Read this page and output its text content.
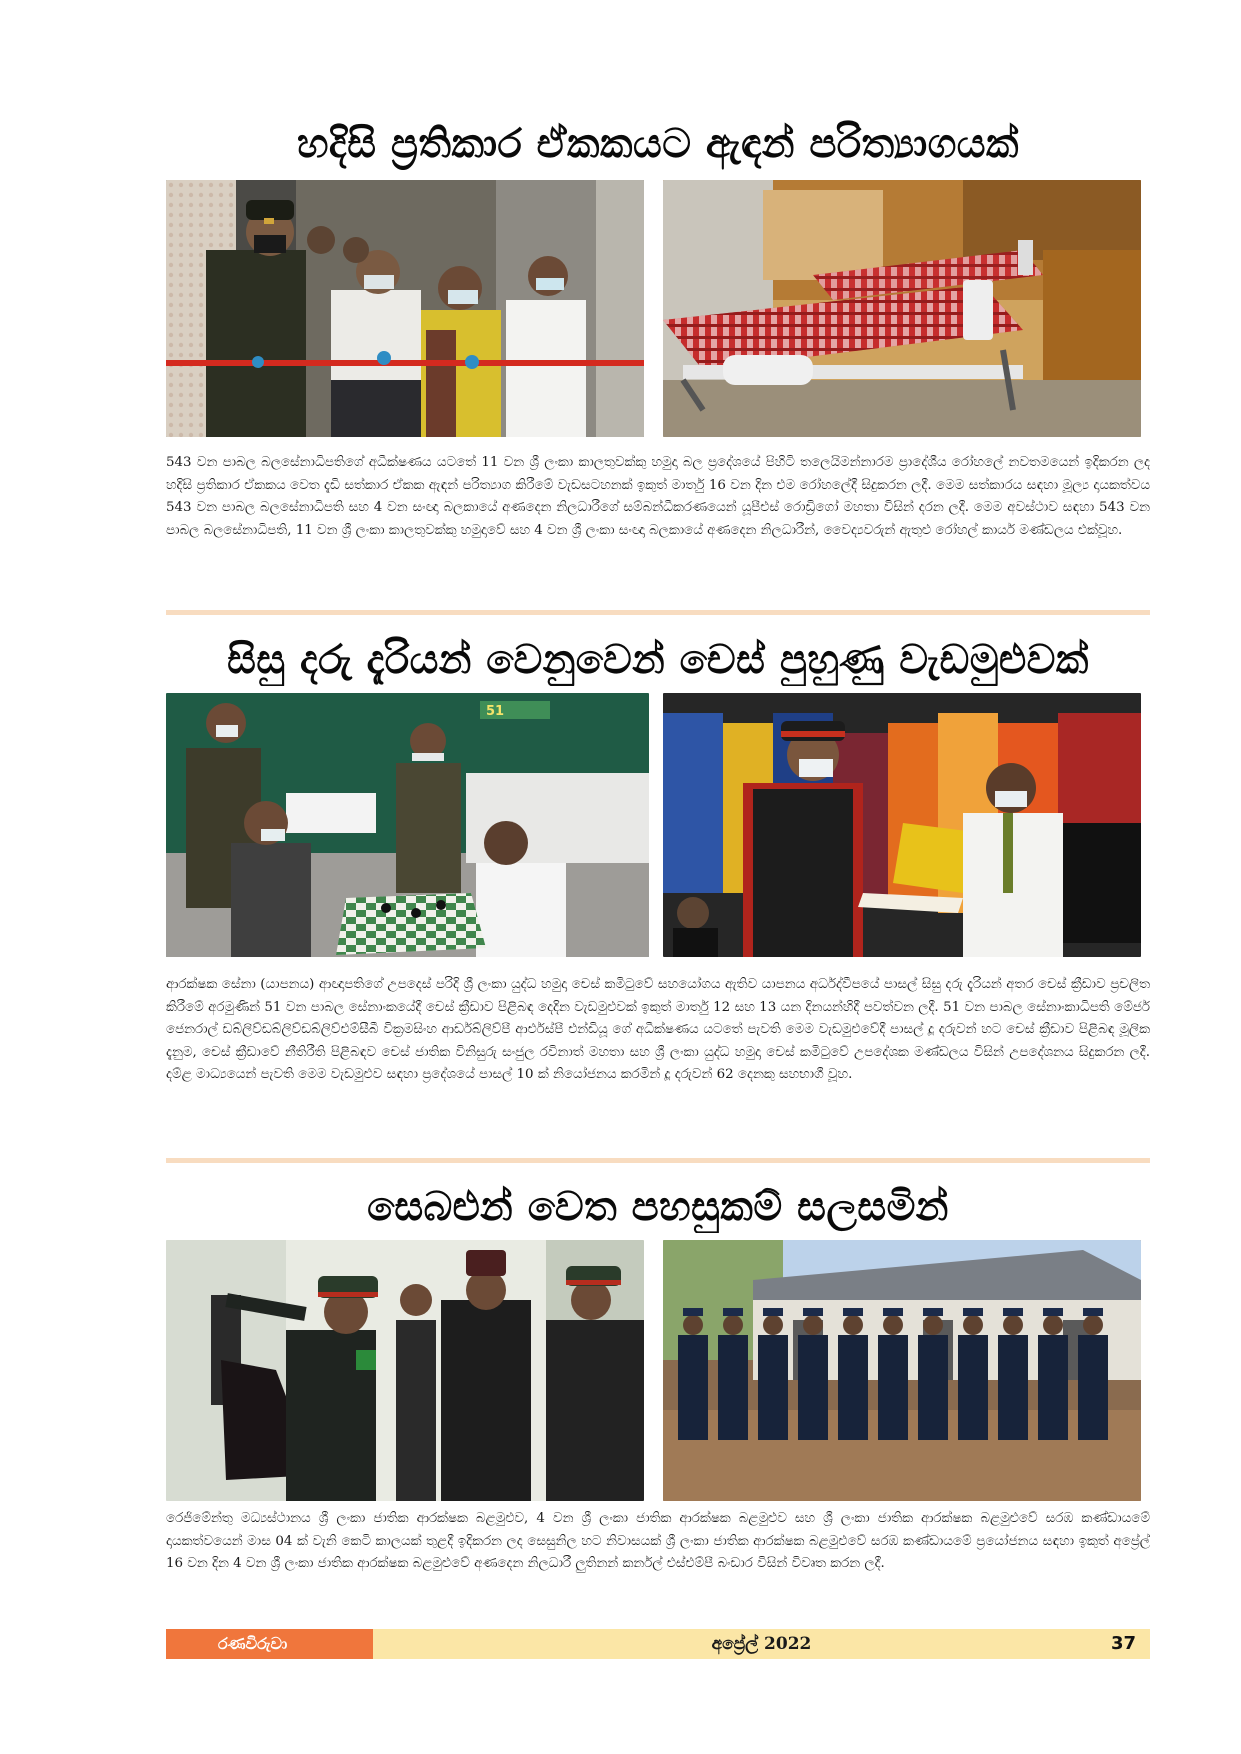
හදිසි ප්‍රතිකාර ඒකකයට ඇඳන් පරිත්‍යාගයක්

543 වන පාබල බලසේනාධිපතිගේ අධීක්ෂණය යටතේ 11 වන ශ්‍රී ලංකා කාලතුවක්කු හමුදා බල ප්‍රදේශයේ පිහිටි තලෙයිමන්නාරම ප්‍රාදේශීය රෝහලේ නවතමයෙන් ඉදිකරන ලද හදිසි ප්‍රතිකාර ඒකකය වෙත දැඩි සත්කාර ඒකක ඇඳන් පරිත්‍යාග කිරීමේ වැඩසටහනක් ඉකුත් මාර්තු 16 වන දින එම රෝහලේදී සිදුකරන ලදී. මෙම සත්කාරය සඳහා මූල්‍ය දායකත්වය 543 වන පාබල බලසේනාධිපති සහ 4 වන සංඥා බලකායේ අණදෙන නිලධාරීගේ සම්බන්ධීකරණයෙන් යූපීඑස් රොඩ්‍රිගෝ මහතා විසින් දරන ලදී. මෙම අවස්ථාව සඳහා 543 වන පාබල බලසේනාධිපති, 11 වන ශ්‍රී ලංකා කාලතුවක්කු හමුදාවේ සහ 4 වන ශ්‍රී ලංකා සංඥා බලකායේ අණදෙන නිලධාරීන්, වෛද්‍යවරුන් ඇතුළු රෝහල් කාර්ය මණ්ඩලය එක්වූහ.

සිසු දරු දැරියන් වෙනුවෙන් චෙස් පුහුණු වැඩමුළුවක්
51

ආරක්ෂක සේනා (යාපනය) ආඥාපතිගේ උපදෙස් පරිදි ශ්‍රී ලංකා යුද්ධ හමුදා චෙස් කමිටුවේ සහයෝගය ඇතිව යාපනය අර්ධද්වීපයේ පාසල් සිසු දරු දැරියන් අතර චෙස් ක්‍රීඩාව ප්‍රචලිත කිරීමේ අරමුණින් 51 වන පාබල සේනාංකයේදී චෙස් ක්‍රීඩාව පිළිබඳ දෙදින වැඩමුළුවක් ඉකුත් මාර්තු 12 සහ 13 යන දිනයන්හිදී පවත්වන ලදී. 51 වන පාබල සේනාංකාධිපති මේජර් ජෙනරාල් ඩබ්ලිව්ඩබ්ලිව්ඩබ්ලිව්එම්සීබී වික්‍රමසිංහ ආර්ඩබ්ලිව්පී ආර්එස්පී එන්ඩියූ ගේ අධීක්ෂණය යටතේ පැවති මෙම වැඩමුළුවේදී පාසල් දූ දරුවන් හට චෙස් ක්‍රීඩාව පිළිබඳ මූලික දැනුම, චෙස් ක්‍රීඩාවේ නීතිරීති පිළිබඳව චෙස් ජාතික විනිසුරු සංජුල රවිනාත් මහතා සහ ශ්‍රී ලංකා යුද්ධ හමුදා චෙස් කමිටුවේ උපදේශක මණ්ඩලය විසින් උපදේශනය සිදුකරන ලදී. දම්ළ මාධ්‍යයෙන් පැවති මෙම වැඩමුළුව සඳහා ප්‍රදේශයේ පාසල් 10 ක් නියෝජනය කරමින් දූ දරුවන් 62 දෙනකු සහභාගී වූහ.

සෙබළුන් වෙත පහසුකම් සලසමින්

රෙජිමේන්තු මධ්‍යස්ථානය ශ්‍රී ලංකා ජාතික ආරක්ෂක බළමුළුව, 4 වන ශ්‍රී ලංකා ජාතික ආරක්ෂක බළමුළුව සහ ශ්‍රී ලංකා ජාතික ආරක්ෂක බළමුළුවේ සරඹ කණ්ඩායමේ දායකත්වයෙන් මාස 04 ක් වැනි කෙටි කාලයක් තුළදී ඉදිකරන ලද සෙසුනිල හට නිවාසයක් ශ්‍රී ලංකා ජාතික ආරක්ෂක බළමුළුවේ සරඹ කණ්ඩායමේ ප්‍රයෝජනය සඳහා ඉකුත් අප්‍රේල් 16 වන දින 4 වන ශ්‍රී ලංකා ජාතික ආරක්ෂක බළමුළුවේ අණදෙන නිලධාරී ලුතිනන් කර්නල් එස්එම්පී බංඩාර විසින් විවෘත කරන ලදී.

රණවිරුවා	අප්‍රේල් 2022	37
